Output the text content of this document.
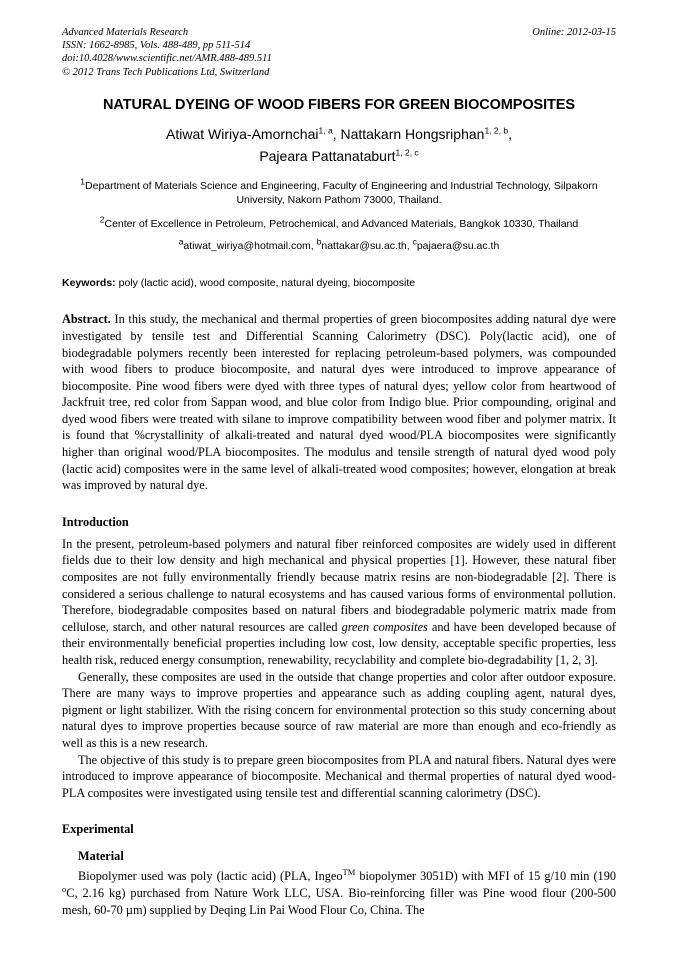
Advanced Materials Research
ISSN: 1662-8985, Vols. 488-489, pp 511-514
doi:10.4028/www.scientific.net/AMR.488-489.511
© 2012 Trans Tech Publications Ltd, Switzerland
Online: 2012-03-15
NATURAL DYEING OF WOOD FIBERS FOR GREEN BIOCOMPOSITES
Atiwat Wiriya-Amornchai$^{1, a}$, Nattakarn Hongsriphan$^{1, 2, b}$,
Pajeara Pattanataburt$^{1, 2, c}$
$^1$Department of Materials Science and Engineering, Faculty of Engineering and Industrial Technology, Silpakorn University, Nakorn Pathom 73000, Thailand.
$^2$Center of Excellence in Petroleum, Petrochemical, and Advanced Materials, Bangkok 10330, Thailand
$^a$atiwat_wiriya@hotmail.com, $^b$nattakar@su.ac.th, $^c$pajaera@su.ac.th
Keywords: poly (lactic acid), wood composite, natural dyeing, biocomposite
Abstract. In this study, the mechanical and thermal properties of green biocomposites adding natural dye were investigated by tensile test and Differential Scanning Calorimetry (DSC). Poly(lactic acid), one of biodegradable polymers recently been interested for replacing petroleum-based polymers, was compounded with wood fibers to produce biocomposite, and natural dyes were introduced to improve appearance of biocomposite. Pine wood fibers were dyed with three types of natural dyes; yellow color from heartwood of Jackfruit tree, red color from Sappan wood, and blue color from Indigo blue. Prior compounding, original and dyed wood fibers were treated with silane to improve compatibility between wood fiber and polymer matrix. It is found that %crystallinity of alkali-treated and natural dyed wood/PLA biocomposites were significantly higher than original wood/PLA biocomposites. The modulus and tensile strength of natural dyed wood poly (lactic acid) composites were in the same level of alkali-treated wood composites; however, elongation at break was improved by natural dye.
Introduction
In the present, petroleum-based polymers and natural fiber reinforced composites are widely used in different fields due to their low density and high mechanical and physical properties [1]. However, these natural fiber composites are not fully environmentally friendly because matrix resins are non-biodegradable [2]. There is considered a serious challenge to natural ecosystems and has caused various forms of environmental pollution. Therefore, biodegradable composites based on natural fibers and biodegradable polymeric matrix made from cellulose, starch, and other natural resources are called green composites and have been developed because of their environmentally beneficial properties including low cost, low density, acceptable specific properties, less health risk, reduced energy consumption, renewability, recyclability and complete bio-degradability [1, 2, 3].
Generally, these composites are used in the outside that change properties and color after outdoor exposure. There are many ways to improve properties and appearance such as adding coupling agent, natural dyes, pigment or light stabilizer. With the rising concern for environmental protection so this study concerning about natural dyes to improve properties because source of raw material are more than enough and eco-friendly as well as this is a new research.
The objective of this study is to prepare green biocomposites from PLA and natural fibers. Natural dyes were introduced to improve appearance of biocomposite. Mechanical and thermal properties of natural dyed wood-PLA composites were investigated using tensile test and differential scanning calorimetry (DSC).
Experimental
Material
Biopolymer used was poly (lactic acid) (PLA, Ingeo™ biopolymer 3051D) with MFI of 15 g/10 min (190 $^o$C, 2.16 kg) purchased from Nature Work LLC, USA. Bio-reinforcing filler was Pine wood flour (200-500 mesh, 60-70 µm) supplied by Deqing Lin Pai Wood Flour Co, China. The
